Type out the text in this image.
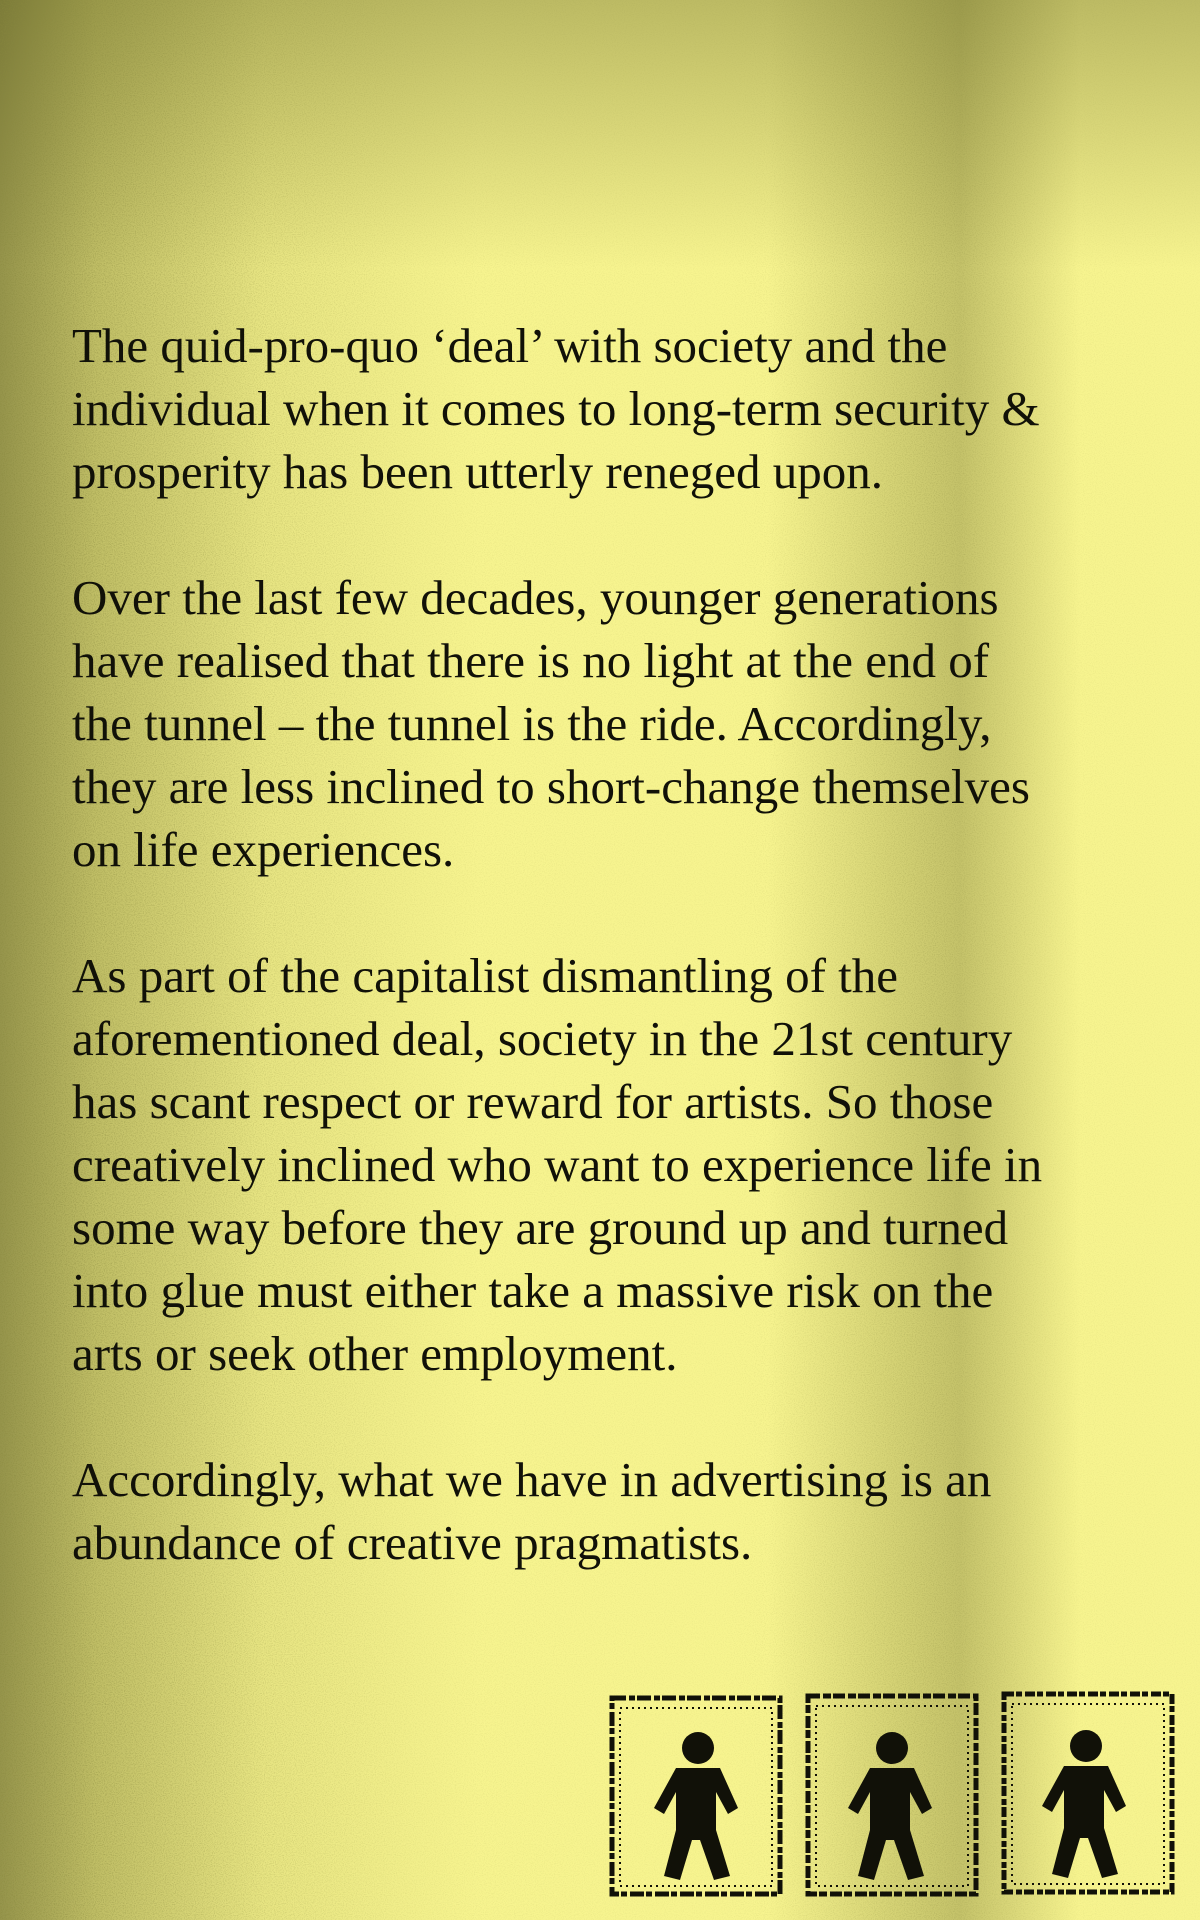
The quid-pro-quo ‘deal’ with society and the
individual when it comes to long-term security &
prosperity has been utterly reneged upon.

Over the last few decades, younger generations
have realised that there is no light at the end of
the tunnel – the tunnel is the ride. Accordingly,
they are less inclined to short-change themselves
on life experiences.

As part of the capitalist dismantling of the
aforementioned deal, society in the 21st century
has scant respect or reward for artists. So those
creatively inclined who want to experience life in
some way before they are ground up and turned
into glue must either take a massive risk on the
arts or seek other employment.

Accordingly, what we have in advertising is an
abundance of creative pragmatists.
